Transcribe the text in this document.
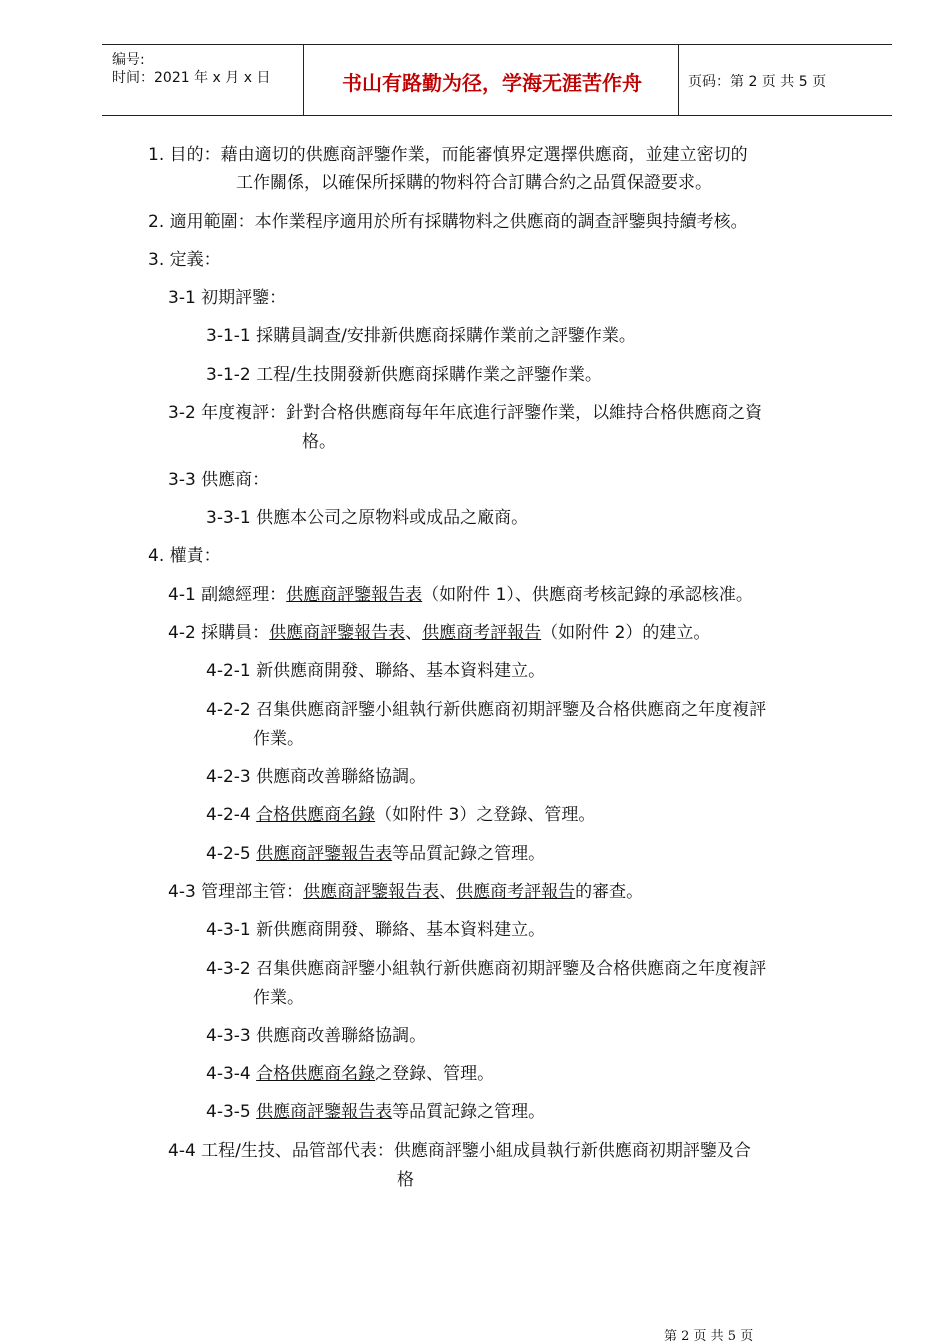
编号:
时间：2021 年 x 月 x 日	书山有路勤为径，学海无涯苦作舟	页码：第 2 页 共 5 页
1. 目的：藉由適切的供應商評鑒作業，而能審慎界定選擇供應商，並建立密切的
工作關係，以確保所採購的物料符合訂購合約之品質保證要求。
2. 適用範圍：本作業程序適用於所有採購物料之供應商的調查評鑒與持續考核。
3. 定義：
3-1 初期評鑒：
3-1-1 採購員調查/安排新供應商採購作業前之評鑒作業。
3-1-2 工程/生技開發新供應商採購作業之評鑒作業。
3-2 年度複評：針對合格供應商每年年底進行評鑒作業，以維持合格供應商之資
格。
3-3 供應商：
3-3-1 供應本公司之原物料或成品之廠商。
4. 權責：
4-1 副總經理：供應商評鑒報告表（如附件 1）、供應商考核記錄的承認核准。
4-2 採購員：供應商評鑒報告表、供應商考評報告（如附件 2）的建立。
4-2-1 新供應商開發、聯絡、基本資料建立。
4-2-2 召集供應商評鑒小組執行新供應商初期評鑒及合格供應商之年度複評
作業。
4-2-3 供應商改善聯絡協調。
4-2-4 合格供應商名錄（如附件 3）之登錄、管理。
4-2-5 供應商評鑒報告表等品質記錄之管理。
4-3 管理部主管：供應商評鑒報告表、供應商考評報告的審查。
4-3-1 新供應商開發、聯絡、基本資料建立。
4-3-2 召集供應商評鑒小組執行新供應商初期評鑒及合格供應商之年度複評
作業。
4-3-3 供應商改善聯絡協調。
4-3-4 合格供應商名錄之登錄、管理。
4-3-5 供應商評鑒報告表等品質記錄之管理。
4-4 工程/生技、品管部代表：供應商評鑒小組成員執行新供應商初期評鑒及合
格
第 2 页 共 5 页
